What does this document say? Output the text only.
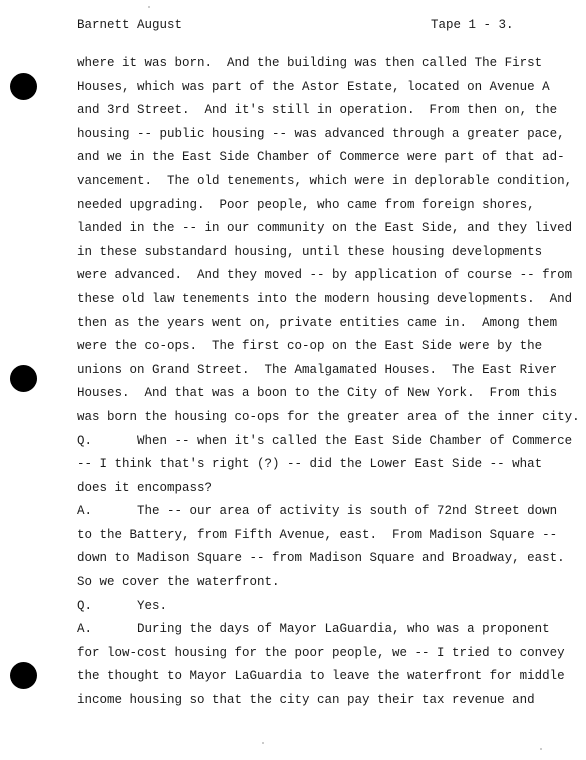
Barnett August	Tape 1 - 3.
where it was born.  And the building was then called The First
Houses, which was part of the Astor Estate, located on Avenue A
and 3rd Street.  And it's still in operation.  From then on, the
housing -- public housing -- was advanced through a greater pace,
and we in the East Side Chamber of Commerce were part of that ad-
vancement.  The old tenements, which were in deplorable condition,
needed upgrading.  Poor people, who came from foreign shores,
landed in the -- in our community on the East Side, and they lived
in these substandard housing, until these housing developments
were advanced.  And they moved -- by application of course -- from
these old law tenements into the modern housing developments.  And
then as the years went on, private entities came in.  Among them
were the co-ops.  The first co-op on the East Side were by the
unions on Grand Street.  The Amalgamated Houses.  The East River
Houses.  And that was a boon to the City of New York.  From this
was born the housing co-ops for the greater area of the inner city.
Q.      When -- when it's called the East Side Chamber of Commerce
-- I think that's right (?) -- did the Lower East Side -- what
does it encompass?
A.      The -- our area of activity is south of 72nd Street down
to the Battery, from Fifth Avenue, east.  From Madison Square --
down to Madison Square -- from Madison Square and Broadway, east.
So we cover the waterfront.
Q.      Yes.
A.      During the days of Mayor LaGuardia, who was a proponent
for low-cost housing for the poor people, we -- I tried to convey
the thought to Mayor LaGuardia to leave the waterfront for middle
income housing so that the city can pay their tax revenue and
